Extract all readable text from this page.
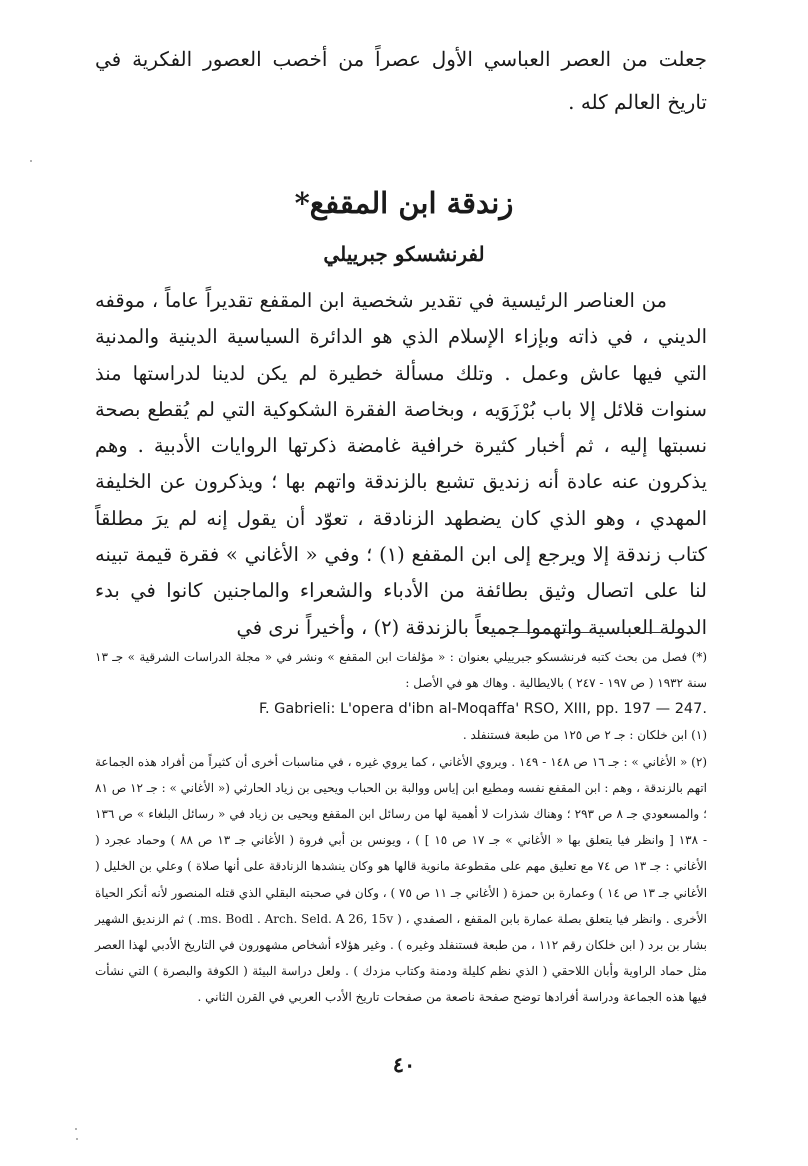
جعلت من العصر العباسي الأول عصراً من أخصب العصور الفكرية في تاريخ العالم كله .
زندقة ابن المقفع*
لفرنشسكو جبرييلي

من العناصر الرئيسية في تقدير شخصية ابن المقفع تقديراً عاماً ، موقفه الديني ، في ذاته وبإزاء الإسلام الذي هو الدائرة السياسية الدينية والمدنية التي فيها عاش وعمل . وتلك مسألة خطيرة لم يكن لدينا لدراستها منذ سنوات قلائل إلا باب بُرْزَوَيه ، وبخاصة الفقرة الشكوكية التي لم يُقطع بصحة نسبتها إليه ، ثم أخبار كثيرة خرافية غامضة ذكرتها الروايات الأدبية . وهم يذكرون عنه عادة أنه زنديق تشبع بالزندقة واتهم بها ؛ ويذكرون عن الخليفة المهدي ، وهو الذي كان يضطهد الزنادقة ، تعوّد أن يقول إنه لم يرَ مطلقاً كتاب زندقة إلا ويرجع إلى ابن المقفع (١) ؛ وفي « الأغاني » فقرة قيمة تبينه لنا على اتصال وثيق بطائفة من الأدباء والشعراء والماجنين كانوا في بدء الدولة العباسية واتهموا جميعاً بالزندقة (٢) ، وأخيراً نرى في

(*) فصل من بحث كتبه فرنشسكو جبرييلي بعنوان : « مؤلفات ابن المقفع » ونشر في « مجلة الدراسات الشرقية » جـ ١٣ سنة ١٩٣٢ ( ص ١٩٧ - ٢٤٧ ) بالايطالية . وهاك هو في الأصل :

F. Gabrieli: L'opera d'ibn al-Moqaffa' RSO, XIII, pp. 197 — 247.

(١) ابن خلكان : جـ ٢ ص ١٢٥ من طبعة فستنفلد .

(٢) « الأغاني » : جـ ١٦ ص ١٤٨ - ١٤٩ . ويروي الأغاني ، كما يروي غيره ، في مناسبات أخرى أن كثيراً من أفراد هذه الجماعة اتهم بالزندقة ، وهم : ابن المقفع نفسه ومطيع ابن إياس ووالبة بن الحباب ويحيى بن زياد الحارثي (« الأغاني » : جـ ١٢ ص ٨١ ؛ والمسعودي جـ ٨ ص ٢٩٣ ؛ وهناك شذرات لا أهمية لها من رسائل ابن المقفع ويحيى بن زياد في « رسائل البلغاء » ص ١٣٦ - ١٣٨ [ وانظر فيا يتعلق بها « الأغاني » جـ ١٧ ص ١٥ ] ) ، ويونس بن أبي فروة ( الأغاني جـ ١٣ ص ٨٨ ) وحماد عجرد ( الأغاني : جـ ١٣ ص ٧٤ مع تعليق مهم على مقطوعة مانوية قالها هو وكان ينشدها الزنادقة على أنها صلاة ) وعلي بن الخليل ( الأغاني جـ ١٣ ص ١٤ ) وعمارة بن حمزة ( الأغاني جـ ١١ ص ٧٥ ) ، وكان في صحبته البقلي الذي قتله المنصور لأنه أنكر الحياة الأخرى . وانظر فيا يتعلق بصلة عمارة بابن المقفع ، الصفدي ، ( ms. Bodl . Arch. Seld. A 26, 15v. ) ثم الزنديق الشهير بشار بن برد ( ابن خلكان رقم ١١٢ ، من طبعة فستنفلد وغيره ) . وغير هؤلاء أشخاص مشهورون في التاريخ الأدبي لهذا العصر مثل حماد الراوية وأبان اللاحقي ( الذي نظم كليلة ودمنة وكتاب مزدك ) . ولعل دراسة البيئة ( الكوفة والبصرة ) التي نشأت فيها هذه الجماعة ودراسة أفرادها توضح صفحة ناصعة من صفحات تاريخ الأدب العربي في القرن الثاني .

٤٠
